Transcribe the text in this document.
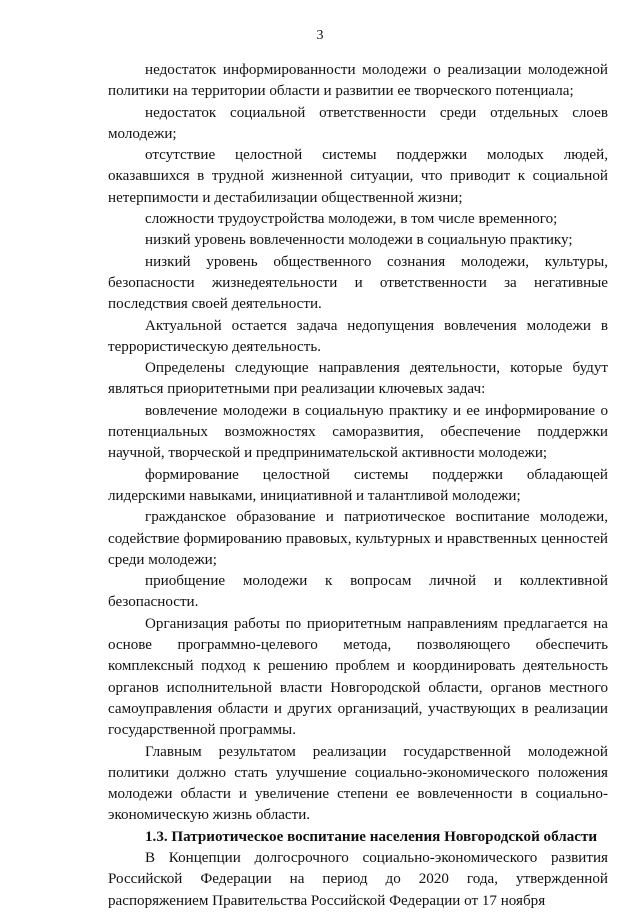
3

недостаток информированности молодежи о реализации молодежной политики на территории области и развитии ее творческого потенциала;

недостаток социальной ответственности среди отдельных слоев молодежи;

отсутствие целостной системы поддержки молодых людей, оказавшихся в трудной жизненной ситуации, что приводит к социальной нетерпимости и дестабилизации общественной жизни;

сложности трудоустройства молодежи, в том числе временного;

низкий уровень вовлеченности молодежи в социальную практику;

низкий уровень общественного сознания молодежи, культуры, безопасности жизнедеятельности и ответственности за негативные последствия своей деятельности.

Актуальной остается задача недопущения вовлечения молодежи в террористическую деятельность.

Определены следующие направления деятельности, которые будут являться приоритетными при реализации ключевых задач:

вовлечение молодежи в социальную практику и ее информирование о потенциальных возможностях саморазвития, обеспечение поддержки научной, творческой и предпринимательской активности молодежи;

формирование целостной системы поддержки обладающей лидерскими навыками, инициативной и талантливой молодежи;

гражданское образование и патриотическое воспитание молодежи, содействие формированию правовых, культурных и нравственных ценностей среди молодежи;

приобщение молодежи к вопросам личной и коллективной безопасности.

Организация работы по приоритетным направлениям предлагается на основе программно-целевого метода, позволяющего обеспечить комплексный подход к решению проблем и координировать деятельность органов исполнительной власти Новгородской области, органов местного самоуправления области и других организаций, участвующих в реализации государственной программы.

Главным результатом реализации государственной молодежной политики должно стать улучшение социально-экономического положения молодежи области и увеличение степени ее вовлеченности в социально-экономическую жизнь области.

1.3. Патриотическое воспитание населения Новгородской области

В Концепции долгосрочного социально-экономического развития Российской Федерации на период до 2020 года, утвержденной распоряжением Правительства Российской Федерации от 17 ноября
